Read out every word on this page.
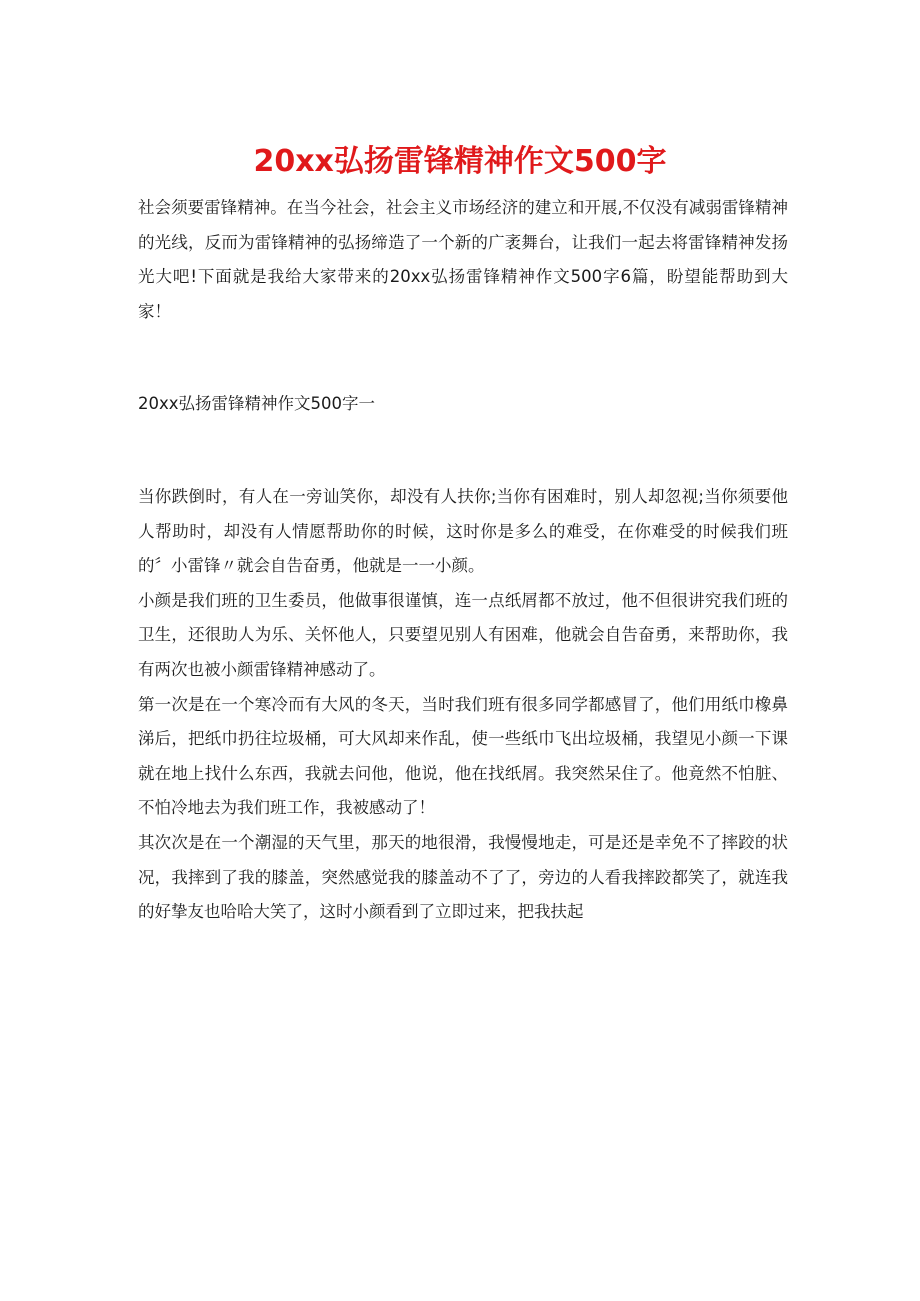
20xx弘扬雷锋精神作文500字

社会须要雷锋精神。在当今社会，社会主义市场经济的建立和开展,不仅没有减弱雷锋精神的光线，反而为雷锋精神的弘扬缔造了一个新的广袤舞台，让我们一起去将雷锋精神发扬光大吧!下面就是我给大家带来的20xx弘扬雷锋精神作文500字6篇，盼望能帮助到大家！

20xx弘扬雷锋精神作文500字一

当你跌倒时，有人在一旁讪笑你，却没有人扶你;当你有困难时，别人却忽视;当你须要他人帮助时，却没有人情愿帮助你的时候，这时你是多么的难受，在你难受的时候我们班的〞小雷锋〃就会自告奋勇，他就是一一小颜。

小颜是我们班的卫生委员，他做事很谨慎，连一点纸屑都不放过，他不但很讲究我们班的卫生，还很助人为乐、关怀他人，只要望见别人有困难，他就会自告奋勇，来帮助你，我有两次也被小颜雷锋精神感动了。

第一次是在一个寒冷而有大风的冬天，当时我们班有很多同学都感冒了，他们用纸巾橡鼻涕后，把纸巾扔往垃圾桶，可大风却来作乱，使一些纸巾飞出垃圾桶，我望见小颜一下课就在地上找什么东西，我就去问他，他说，他在找纸屑。我突然呆住了。他竟然不怕脏、不怕冷地去为我们班工作，我被感动了！

其次次是在一个潮湿的天气里，那天的地很滑，我慢慢地走，可是还是幸免不了摔跤的状况，我摔到了我的膝盖，突然感觉我的膝盖动不了了，旁边的人看我摔跤都笑了，就连我的好挚友也哈哈大笑了，这时小颜看到了立即过来，把我扶起
